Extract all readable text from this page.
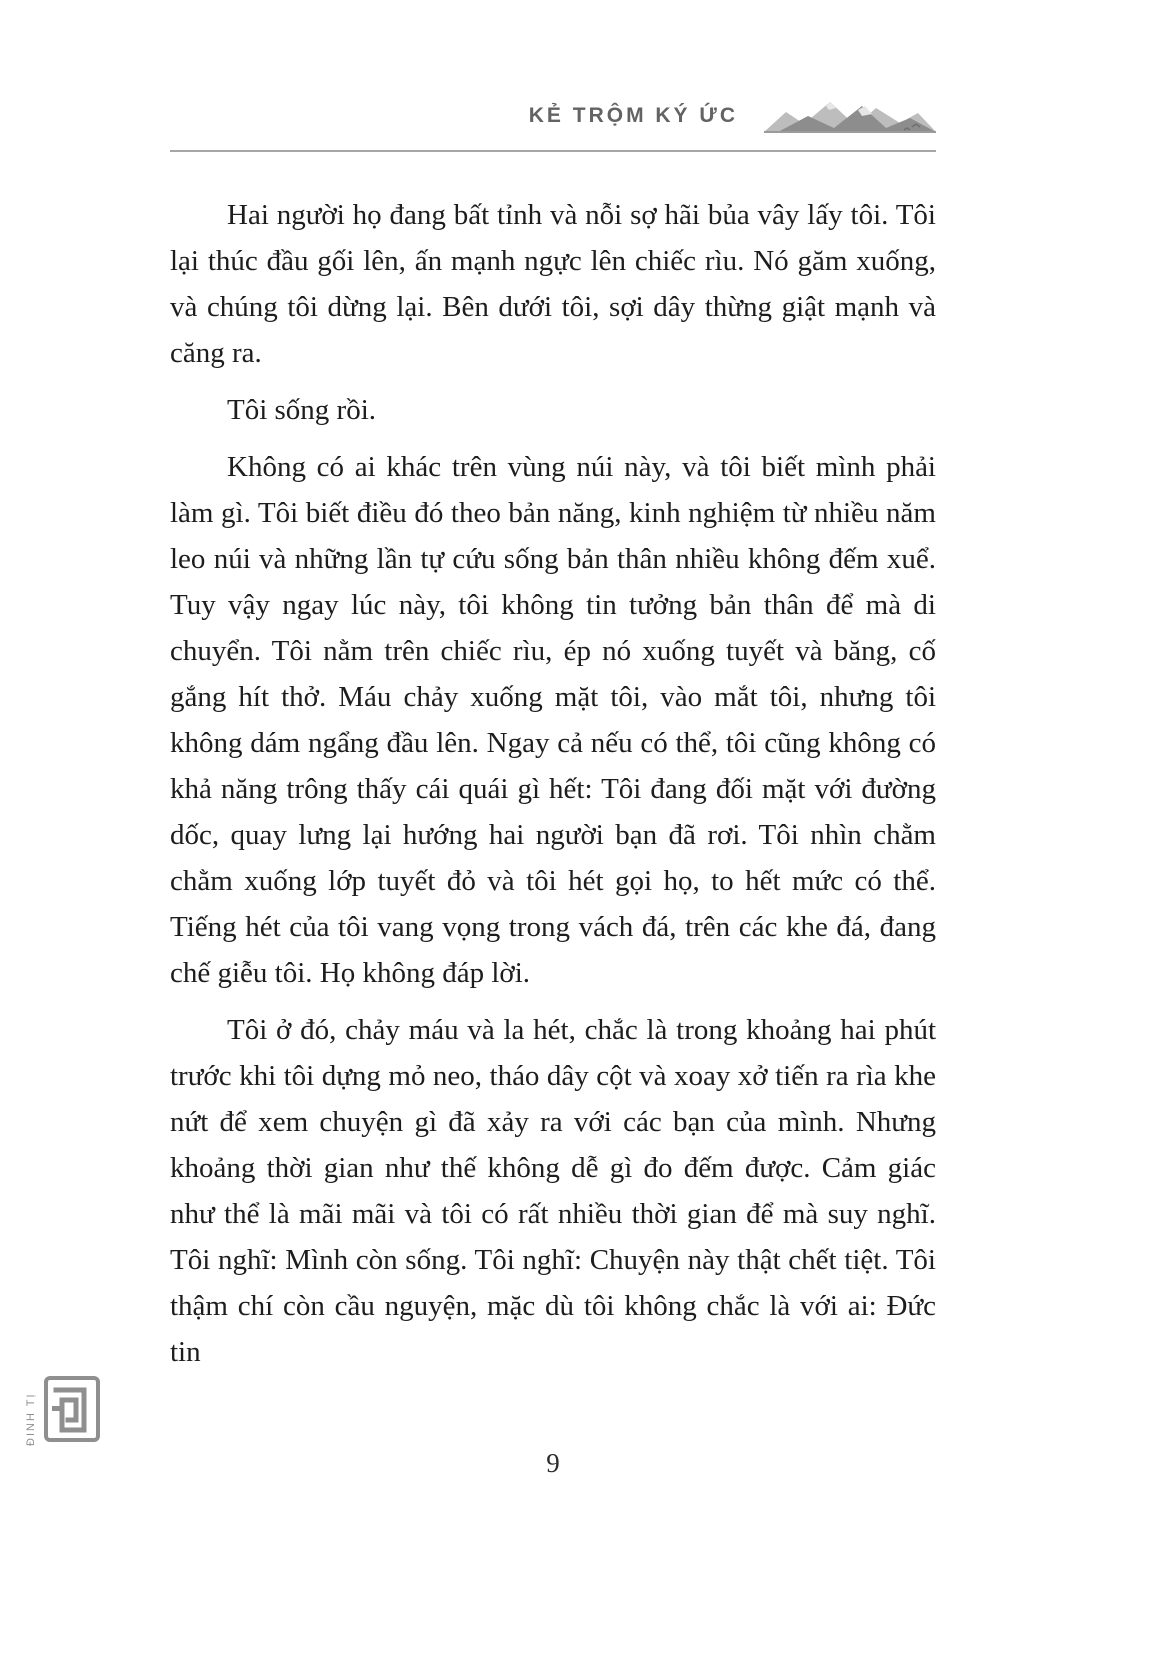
KẺ TRỘM KÝ ỨC

Hai người họ đang bất tỉnh và nỗi sợ hãi bủa vây lấy tôi. Tôi lại thúc đầu gối lên, ấn mạnh ngực lên chiếc rìu. Nó găm xuống, và chúng tôi dừng lại. Bên dưới tôi, sợi dây thừng giật mạnh và căng ra.

Tôi sống rồi.

Không có ai khác trên vùng núi này, và tôi biết mình phải làm gì. Tôi biết điều đó theo bản năng, kinh nghiệm từ nhiều năm leo núi và những lần tự cứu sống bản thân nhiều không đếm xuể. Tuy vậy ngay lúc này, tôi không tin tưởng bản thân để mà di chuyển. Tôi nằm trên chiếc rìu, ép nó xuống tuyết và băng, cố gắng hít thở. Máu chảy xuống mặt tôi, vào mắt tôi, nhưng tôi không dám ngẩng đầu lên. Ngay cả nếu có thể, tôi cũng không có khả năng trông thấy cái quái gì hết: Tôi đang đối mặt với đường dốc, quay lưng lại hướng hai người bạn đã rơi. Tôi nhìn chằm chằm xuống lớp tuyết đỏ và tôi hét gọi họ, to hết mức có thể. Tiếng hét của tôi vang vọng trong vách đá, trên các khe đá, đang chế giễu tôi. Họ không đáp lời.

Tôi ở đó, chảy máu và la hét, chắc là trong khoảng hai phút trước khi tôi dựng mỏ neo, tháo dây cột và xoay xở tiến ra rìa khe nứt để xem chuyện gì đã xảy ra với các bạn của mình. Nhưng khoảng thời gian như thế không dễ gì đo đếm được. Cảm giác như thể là mãi mãi và tôi có rất nhiều thời gian để mà suy nghĩ. Tôi nghĩ: Mình còn sống. Tôi nghĩ: Chuyện này thật chết tiệt. Tôi thậm chí còn cầu nguyện, mặc dù tôi không chắc là với ai: Đức tin

ĐINH TỊ
9
